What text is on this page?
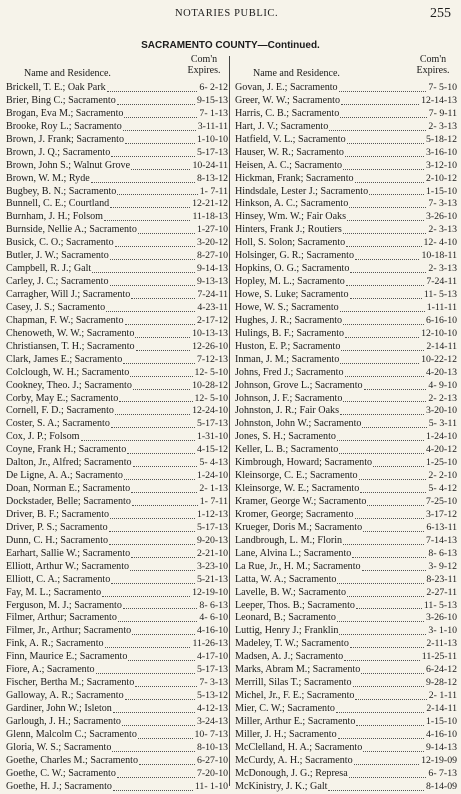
NOTARIES PUBLIC.	255
SACRAMENTO COUNTY—Continued.
Name and Residence.
Com'n
Expires.
Brickell, T. E.; Oak Park	6- 2-12
Brier, Bing C.; Sacramento	9-15-13
Brogan, Eva M.; Sacramento	7- 1-13
Brooke, Roy L.; Sacramento	3-11-11
Brown, J. Frank; Sacramento	1-10-10
Brown, J. Q.; Sacramento	5-17-13
Brown, John S.; Walnut Grove	10-24-11
Brown, W. M.; Ryde	8-13-12
Bugbey, B. N.; Sacramento	1- 7-11
Bunnell, C. E.; Courtland	12-21-12
Burnham, J. H.; Folsom	11-18-13
Burnside, Nellie A.; Sacramento	1-27-10
Busick, C. O.; Sacramento	3-20-12
Butler, J. W.; Sacramento	8-27-10
Campbell, R. J.; Galt	9-14-13
Carley, J. C.; Sacramento	9-13-13
Carragher, Will J.; Sacramento	7-24-11
Casey, J. S.; Sacramento	4-23-11
Chapman, F. W.; Sacramento	2-17-12
Chenoweth, W. W.; Sacramento	10-13-13
Christiansen, T. H.; Sacramento	12-26-10
Clark, James E.; Sacramento	7-12-13
Colclough, W. H.; Sacramento	12- 5-10
Cookney, Theo. J.; Sacramento	10-28-12
Corby, May E.; Sacramento	12- 5-10
Cornell, F. D.; Sacramento	12-24-10
Coster, S. A.; Sacramento	5-17-13
Cox, J. P.; Folsom	1-31-10
Coyne, Frank H.; Sacramento	4-15-12
Dalton, Jr., Alfred; Sacramento	5- 4-13
De Ligne, A. A.; Sacramento	1-24-10
Doan, Norman E.; Sacramento	2- 1-13
Dockstader, Belle; Sacramento	1- 7-11
Driver, B. F.; Sacramento	1-12-13
Driver, P. S.; Sacramento	5-17-13
Dunn, C. H.; Sacramento	9-20-13
Earhart, Sallie W.; Sacramento	2-21-10
Elliott, Arthur W.; Sacramento	3-23-10
Elliott, C. A.; Sacramento	5-21-13
Fay, M. L.; Sacramento	12-19-10
Ferguson, M. J.; Sacramento	8- 6-13
Filmer, Arthur; Sacramento	4- 6-10
Filmer, Jr., Arthur; Sacramento	4-16-10
Fink, A. R.; Sacramento	11-26-13
Finn, Maurice E.; Sacramento	4-17-10
Fiore, A.; Sacramento	5-17-13
Fischer, Bertha M.; Sacramento	7- 3-13
Galloway, A. R.; Sacramento	5-13-12
Gardiner, John W.; Isleton	4-12-13
Garlough, J. H.; Sacramento	3-24-13
Glenn, Malcolm C.; Sacramento	10- 7-13
Gloria, W. S.; Sacramento	8-10-13
Goethe, Charles M.; Sacramento	6-27-10
Goethe, C. W.; Sacramento	7-20-10
Goethe, H. J.; Sacramento	11- 1-10
Name and Residence.
Com'n
Expires.
Govan, J. E.; Sacramento	7- 5-10
Greer, W. W.; Sacramento	12-14-13
Harris, C. B.; Sacramento	7- 9-11
Hart, J. V.; Sacramento	2- 3-13
Hatfield, V. L.; Sacramento	5-18-12
Hauser, W. R.; Sacramento	3-16-10
Heisen, A. C.; Sacramento	3-12-10
Hickman, Frank; Sacramento	2-10-12
Hindsdale, Lester J.; Sacramento	1-15-10
Hinkson, A. C.; Sacramento	7- 3-13
Hinsey, Wm. W.; Fair Oaks	3-26-10
Hinters, Frank J.; Routiers	2- 3-13
Holl, S. Solon; Sacramento	12- 4-10
Holsinger, G. R.; Sacramento	10-18-11
Hopkins, O. G.; Sacramento	2- 3-13
Hopley, M. L.; Sacramento	7-24-11
Howe, S. Luke; Sacramento	11- 5-13
Howe, W. S.; Sacramento	1-11-11
Hughes, J. R.; Sacramento	6-16-10
Hulings, B. F.; Sacramento	12-10-10
Huston, E. P.; Sacramento	2-14-11
Inman, J. M.; Sacramento	10-22-12
Johns, Fred J.; Sacramento	4-20-13
Johnson, Grove L.; Sacramento	4- 9-10
Johnson, J. F.; Sacramento	2- 2-13
Johnston, J. R.; Fair Oaks	3-20-10
Johnston, John W.; Sacramento	5- 3-11
Jones, S. H.; Sacramento	1-24-10
Keller, L. B.; Sacramento	4-20-12
Kimbrough, Howard; Sacramento	1-25-10
Kleinsorge, C. E.; Sacramento	2- 2-10
Kleinsorge, W. E.; Sacramento	5- 4-12
Kramer, George W.; Sacramento	7-25-10
Kromer, George; Sacramento	3-17-12
Krueger, Doris M.; Sacramento	6-13-11
Landbrough, L. M.; Florin	7-14-13
Lane, Alvina L.; Sacramento	8- 6-13
La Rue, Jr., H. M.; Sacramento	3- 9-12
Latta, W. A.; Sacramento	8-23-11
Lavelle, B. W.; Sacramento	2-27-11
Leeper, Thos. B.; Sacramento	11- 5-13
Leonard, B.; Sacramento	3-26-10
Luttig, Henry J.; Franklin	3- 1-10
Madeley, T. W.; Sacramento	2-11-13
Madsen, A. J.; Sacramento	11-25-11
Marks, Abram M.; Sacramento	6-24-12
Merrill, Silas T.; Sacramento	9-28-12
Michel, Jr., F. E.; Sacramento	2- 1-11
Mier, C. W.; Sacramento	2-14-11
Miller, Arthur E.; Sacramento	1-15-10
Miller, J. H.; Sacramento	4-16-10
McClelland, H. A.; Sacramento	9-14-13
McCurdy, A. H.; Sacramento	12-19-09
McDonough, J. G.; Represa	6- 7-13
McKinistry, J. K.; Galt	8-14-09
